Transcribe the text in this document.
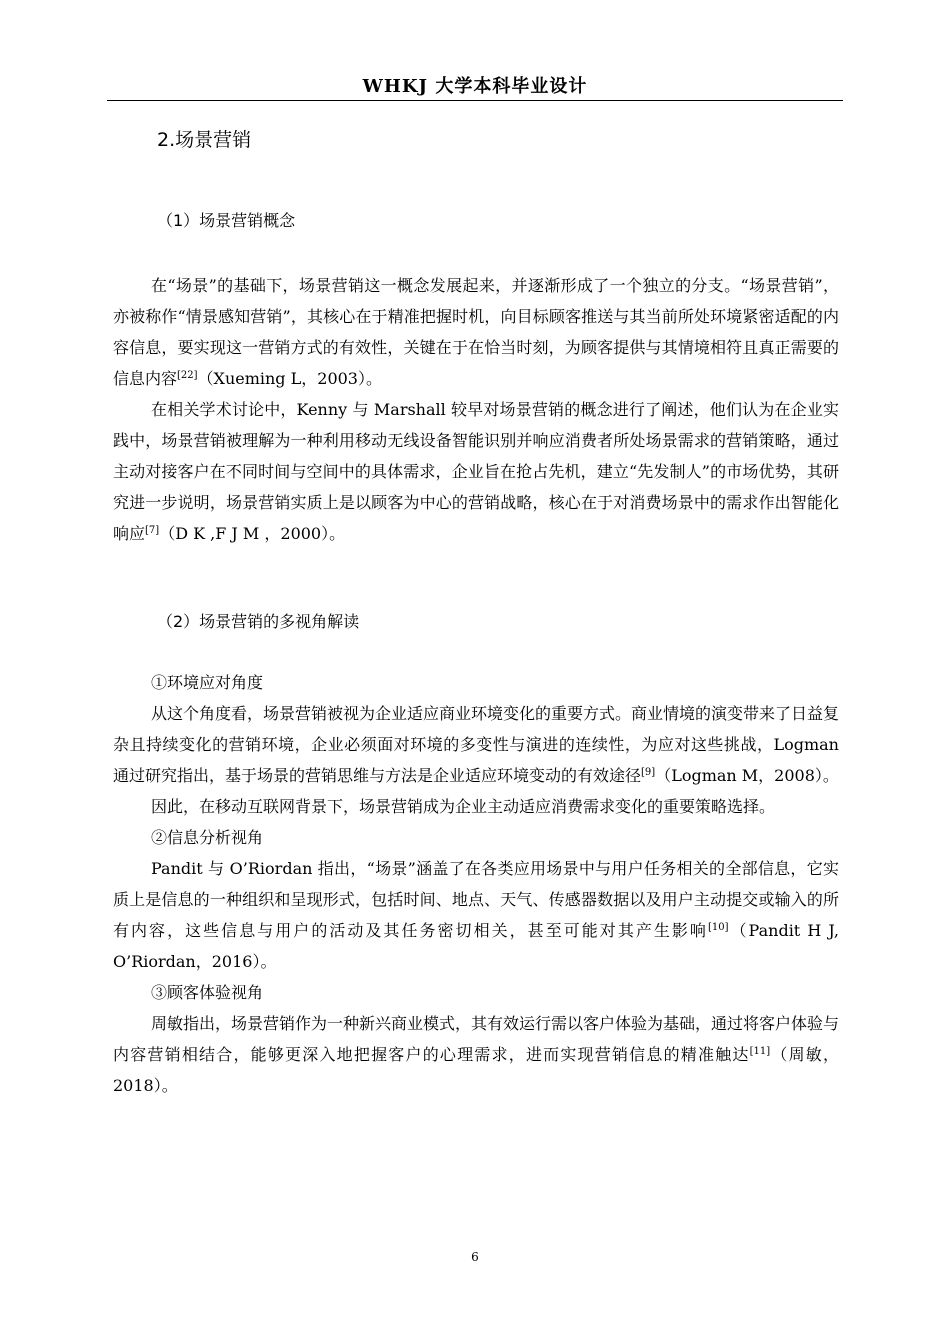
WHKJ 大学本科毕业设计
2.场景营销
（1）场景营销概念

在“场景”的基础下，场景营销这一概念发展起来，并逐渐形成了一个独立的分支。“场景营销”，亦被称作“情景感知营销”，其核心在于精准把握时机，向目标顾客推送与其当前所处环境紧密适配的内容信息，要实现这一营销方式的有效性，关键在于在恰当时刻，为顾客提供与其情境相符且真正需要的信息内容[22]（Xueming L，2003）。

在相关学术讨论中，Kenny 与 Marshall 较早对场景营销的概念进行了阐述，他们认为在企业实践中，场景营销被理解为一种利用移动无线设备智能识别并响应消费者所处场景需求的营销策略，通过主动对接客户在不同时间与空间中的具体需求，企业旨在抢占先机，建立“先发制人”的市场优势，其研究进一步说明，场景营销实质上是以顾客为中心的营销战略，核心在于对消费场景中的需求作出智能化响应[7]（D K ,F J M ，2000）。

（2）场景营销的多视角解读

①环境应对角度

从这个角度看，场景营销被视为企业适应商业环境变化的重要方式。商业情境的演变带来了日益复杂且持续变化的营销环境，企业必须面对环境的多变性与演进的连续性，为应对这些挑战，Logman 通过研究指出，基于场景的营销思维与方法是企业适应环境变动的有效途径[9]（Logman M，2008）。

因此，在移动互联网背景下，场景营销成为企业主动适应消费需求变化的重要策略选择。

②信息分析视角

Pandit 与 O’Riordan 指出，“场景”涵盖了在各类应用场景中与用户任务相关的全部信息，它实质上是信息的一种组织和呈现形式，包括时间、地点、天气、传感器数据以及用户主动提交或输入的所有内容，这些信息与用户的活动及其任务密切相关，甚至可能对其产生影响[10]（Pandit H J, O’Riordan，2016）。

③顾客体验视角

周敏指出，场景营销作为一种新兴商业模式，其有效运行需以客户体验为基础，通过将客户体验与内容营销相结合，能够更深入地把握客户的心理需求，进而实现营销信息的精准触达[11]（周敏，2018）。

6
